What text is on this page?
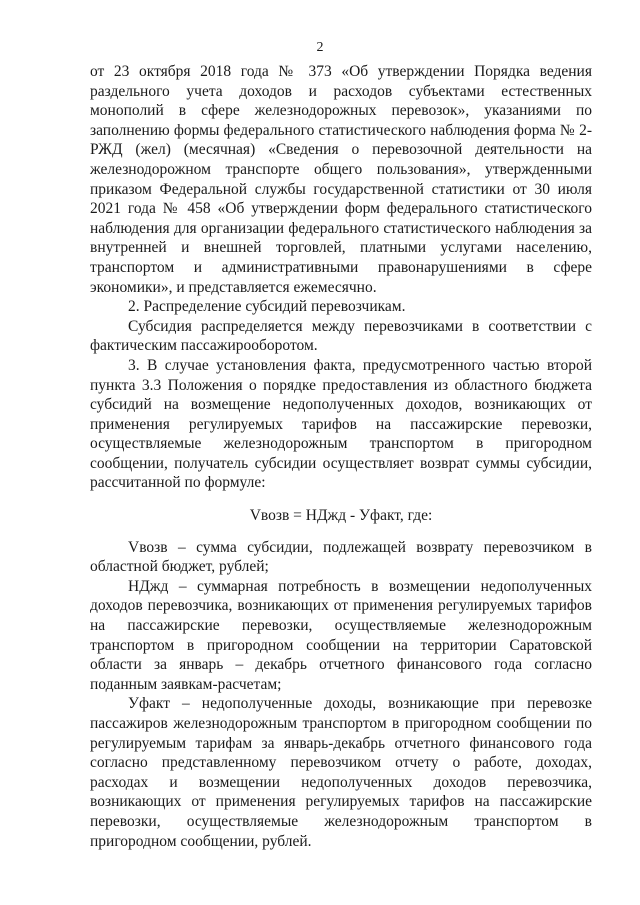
2

от 23 октября 2018 года № 373 «Об утверждении Порядка ведения раздельного учета доходов и расходов субъектами естественных монополий в сфере железнодорожных перевозок», указаниями по заполнению формы федерального статистического наблюдения форма № 2-РЖД (жел) (месячная) «Сведения о перевозочной деятельности на железнодорожном транспорте общего пользования», утвержденными приказом Федеральной службы государственной статистики от 30 июля 2021 года № 458 «Об утверждении форм федерального статистического наблюдения для организации федерального статистического наблюдения за внутренней и внешней торговлей, платными услугами населению, транспортом и административными правонарушениями в сфере экономики», и представляется ежемесячно.

2. Распределение субсидий перевозчикам.

Субсидия распределяется между перевозчиками в соответствии с фактическим пассажирооборотом.

3. В случае установления факта, предусмотренного частью второй пункта 3.3 Положения о порядке предоставления из областного бюджета субсидий на возмещение недополученных доходов, возникающих от применения регулируемых тарифов на пассажирские перевозки, осуществляемые железнодорожным транспортом в пригородном сообщении, получатель субсидии осуществляет возврат суммы субсидии, рассчитанной по формуле:

Vвозв = НДжд - Уфакт, где:

Vвозв – сумма субсидии, подлежащей возврату перевозчиком в областной бюджет, рублей;

НДжд – суммарная потребность в возмещении недополученных доходов перевозчика, возникающих от применения регулируемых тарифов на пассажирские перевозки, осуществляемые железнодорожным транспортом в пригородном сообщении на территории Саратовской области за январь – декабрь отчетного финансового года согласно поданным заявкам-расчетам;

Уфакт – недополученные доходы, возникающие при перевозке пассажиров железнодорожным транспортом в пригородном сообщении по регулируемым тарифам за январь-декабрь отчетного финансового года согласно представленному перевозчиком отчету о работе, доходах, расходах и возмещении недополученных доходов перевозчика, возникающих от применения регулируемых тарифов на пассажирские перевозки, осуществляемые железнодорожным транспортом в пригородном сообщении, рублей.
